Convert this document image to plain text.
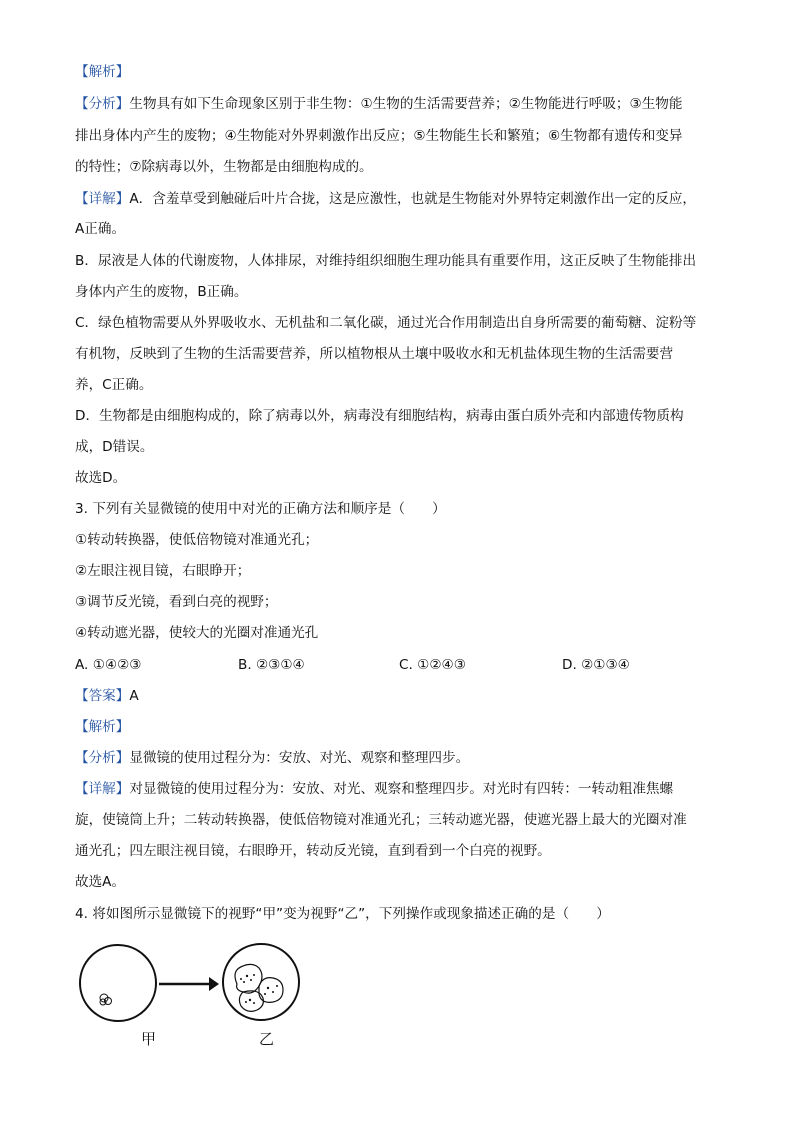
【解析】
【分析】生物具有如下生命现象区别于非生物：①生物的生活需要营养；②生物能进行呼吸；③生物能
排出身体内产生的废物；④生物能对外界刺激作出反应；⑤生物能生长和繁殖；⑥生物都有遗传和变异
的特性；⑦除病毒以外，生物都是由细胞构成的。
【详解】A．含羞草受到触碰后叶片合拢，这是应激性，也就是生物能对外界特定刺激作出一定的反应，
A正确。
B．尿液是人体的代谢废物，人体排尿，对维持组织细胞生理功能具有重要作用，这正反映了生物能排出
身体内产生的废物，B正确。
C．绿色植物需要从外界吸收水、无机盐和二氧化碳，通过光合作用制造出自身所需要的葡萄糖、淀粉等
有机物，反映到了生物的生活需要营养，所以植物根从土壤中吸收水和无机盐体现生物的生活需要营
养，C正确。
D．生物都是由细胞构成的，除了病毒以外，病毒没有细胞结构，病毒由蛋白质外壳和内部遗传物质构
成，D错误。
故选D。
3. 下列有关显微镜的使用中对光的正确方法和顺序是（　　）
①转动转换器，使低倍物镜对准通光孔；
②左眼注视目镜，右眼睁开；
③调节反光镜，看到白亮的视野；
④转动遮光器，使较大的光圈对准通光孔
A. ①④②③	B. ②③①④	C. ①②④③	D. ②①③④
【答案】A
【解析】
【分析】显微镜的使用过程分为：安放、对光、观察和整理四步。
【详解】对显微镜的使用过程分为：安放、对光、观察和整理四步。对光时有四转：一转动粗准焦螺
旋，使镜筒上升；二转动转换器，使低倍物镜对准通光孔；三转动遮光器，使遮光器上最大的光圈对准
通光孔；四左眼注视目镜，右眼睁开，转动反光镜，直到看到一个白亮的视野。
故选A。
4. 将如图所示显微镜下的视野“甲”变为视野“乙”，下列操作或现象描述正确的是（　　）
甲	乙
